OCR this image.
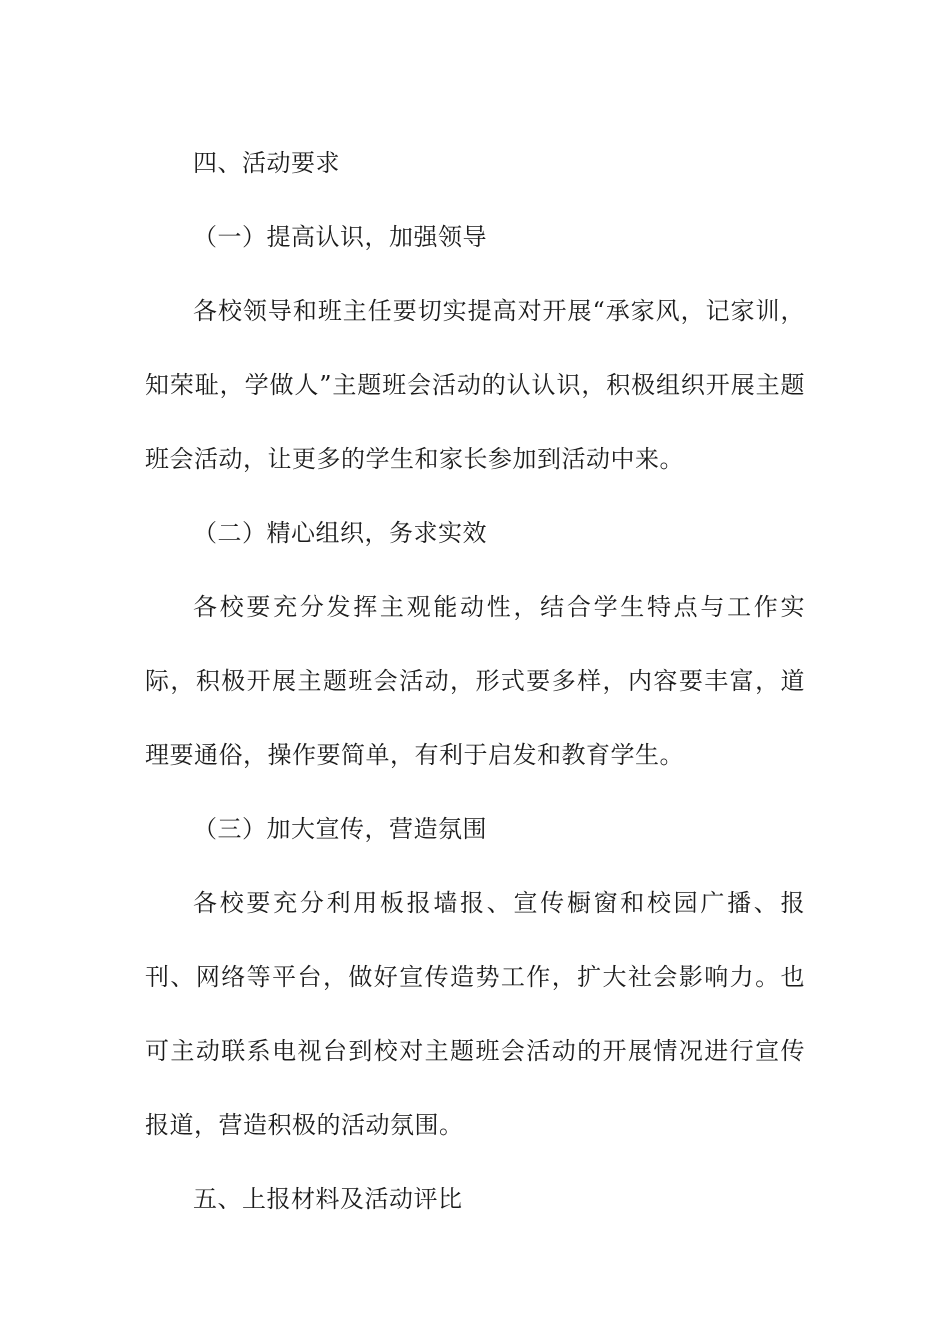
四、活动要求

（一）提高认识，加强领导

各校领导和班主任要切实提高对开展“承家风，记家训，知荣耻，学做人”主题班会活动的认认识，积极组织开展主题班会活动，让更多的学生和家长参加到活动中来。

（二）精心组织，务求实效

各校要充分发挥主观能动性，结合学生特点与工作实际，积极开展主题班会活动，形式要多样，内容要丰富，道理要通俗，操作要简单，有利于启发和教育学生。

（三）加大宣传，营造氛围

各校要充分利用板报墙报、宣传橱窗和校园广播、报刊、网络等平台，做好宣传造势工作，扩大社会影响力。也可主动联系电视台到校对主题班会活动的开展情况进行宣传报道，营造积极的活动氛围。

五、上报材料及活动评比
